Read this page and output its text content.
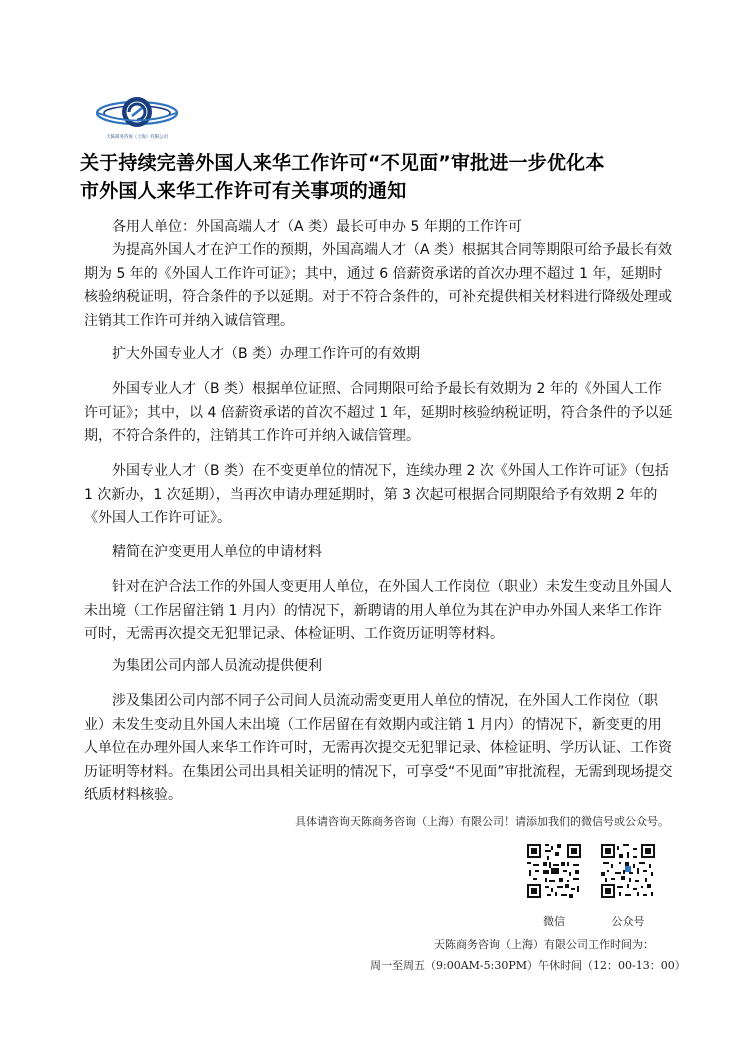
天陈商务咨询（上海）有限公司
关于持续完善外国人来华工作许可“不见面”审批进一步优化本
市外国人来华工作许可有关事项的通知
各用人单位：外国高端人才（A 类）最长可申办 5 年期的工作许可
为提高外国人才在沪工作的预期，外国高端人才（A 类）根据其合同等期限可给予最长有效期为 5 年的《外国人工作许可证》；其中，通过 6 倍薪资承诺的首次办理不超过 1 年，延期时核验纳税证明，符合条件的予以延期。对于不符合条件的，可补充提供相关材料进行降级处理或注销其工作许可并纳入诚信管理。
扩大外国专业人才（B 类）办理工作许可的有效期
外国专业人才（B 类）根据单位证照、合同期限可给予最长有效期为 2 年的《外国人工作许可证》；其中，以 4 倍薪资承诺的首次不超过 1 年，延期时核验纳税证明，符合条件的予以延期，不符合条件的，注销其工作许可并纳入诚信管理。
外国专业人才（B 类）在不变更单位的情况下，连续办理 2 次《外国人工作许可证》（包括 1 次新办，1 次延期），当再次申请办理延期时，第 3 次起可根据合同期限给予有效期 2 年的《外国人工作许可证》。
精简在沪变更用人单位的申请材料
针对在沪合法工作的外国人变更用人单位，在外国人工作岗位（职业）未发生变动且外国人未出境（工作居留注销 1 月内）的情况下，新聘请的用人单位为其在沪申办外国人来华工作许可时，无需再次提交无犯罪记录、体检证明、工作资历证明等材料。
为集团公司内部人员流动提供便利
涉及集团公司内部不同子公司间人员流动需变更用人单位的情况，在外国人工作岗位（职业）未发生变动且外国人未出境（工作居留在有效期内或注销 1 月内）的情况下，新变更的用人单位在办理外国人来华工作许可时，无需再次提交无犯罪记录、体检证明、学历认证、工作资历证明等材料。在集团公司出具相关证明的情况下，可享受“不见面”审批流程，无需到现场提交纸质材料核验。
具体请咨询天陈商务咨询（上海）有限公司！请添加我们的微信号或公众号。
微信	公众号
天陈商务咨询（上海）有限公司工作时间为：
周一至周五（9:00AM-5:30PM）午休时间（12：00-13：00）
